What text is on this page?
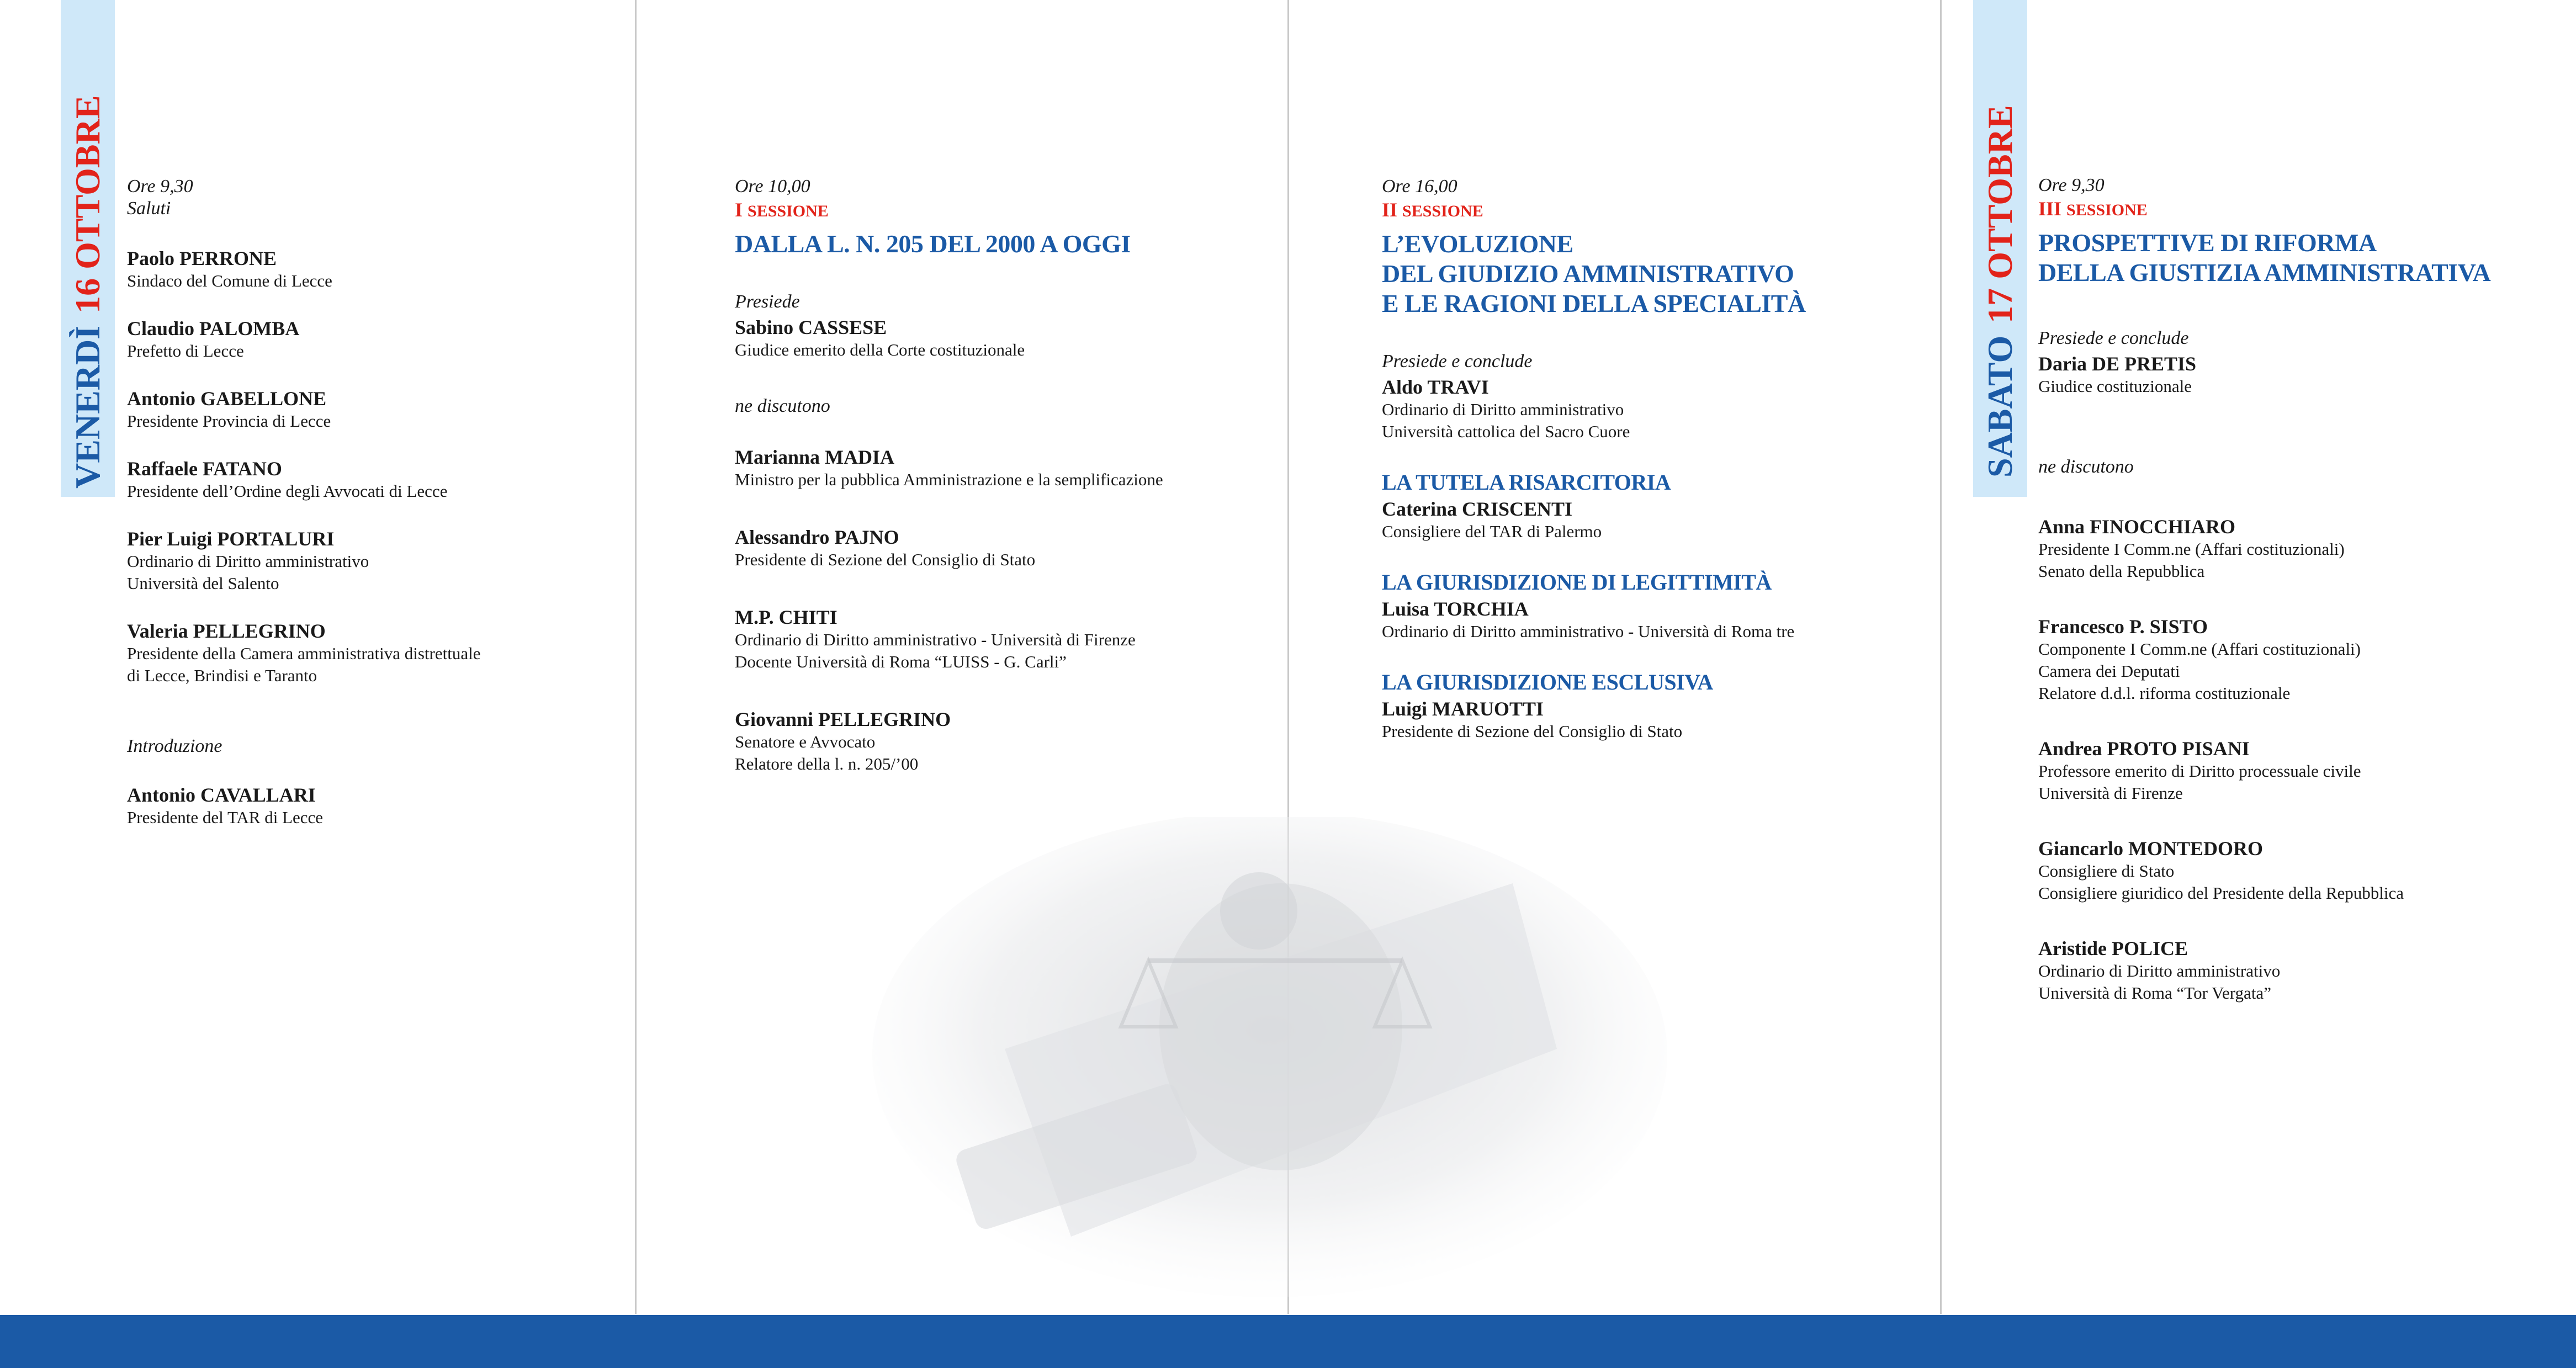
VENERDÌ16 OTTOBRE	Ore 9,30

Saluti

Paolo PERRONE

Sindaco del Comune di Lecce

Claudio PALOMBA

Prefetto di Lecce

Antonio GABELLONE

Presidente Provincia di Lecce

Raffaele FATANO

Presidente dell’Ordine degli Avvocati di Lecce

Pier Luigi PORTALURI

Ordinario di Diritto amministrativo

Università del Salento

Valeria PELLEGRINO

Presidente della Camera amministrativa distrettuale

di Lecce, Brindisi e Taranto

Introduzione

Antonio CAVALLARI

Presidente del TAR di Lecce

Ore 10,00

I SESSIONE

DALLA L. N. 205 DEL 2000 A OGGI

Presiede

Sabino CASSESE

Giudice emerito della Corte costituzionale

ne discutono

Marianna MADIA

Ministro per la pubblica Amministrazione e la semplificazione

Alessandro PAJNO

Presidente di Sezione del Consiglio di Stato

M.P. CHITI

Ordinario di Diritto amministrativo - Università di Firenze

Docente Università di Roma “LUISS - G. Carli”

Giovanni PELLEGRINO

Senatore e Avvocato

Relatore della l. n. 205/’00

Ore 16,00

II SESSIONE

L’EVOLUZIONE

DEL GIUDIZIO AMMINISTRATIVO

E LE RAGIONI DELLA SPECIALITÀ

Presiede e conclude

Aldo TRAVI

Ordinario di Diritto amministrativo

Università cattolica del Sacro Cuore

LA TUTELA RISARCITORIA

Caterina CRISCENTI

Consigliere del TAR di Palermo

LA GIURISDIZIONE DI LEGITTIMITÀ

Luisa TORCHIA

Ordinario di Diritto amministrativo - Università di Roma tre

LA GIURISDIZIONE ESCLUSIVA

Luigi MARUOTTI

Presidente di Sezione del Consiglio di Stato

SABATO17 OTTOBRE	Ore 9,30

III SESSIONE

PROSPETTIVE DI RIFORMA

DELLA GIUSTIZIA AMMINISTRATIVA

Presiede e conclude

Daria DE PRETIS

Giudice costituzionale

ne discutono

Anna FINOCCHIARO

Presidente I Comm.ne (Affari costituzionali)

Senato della Repubblica

Francesco P. SISTO

Componente I Comm.ne (Affari costituzionali)

Camera dei Deputati

Relatore d.d.l. riforma costituzionale

Andrea PROTO PISANI

Professore emerito di Diritto processuale civile

Università di Firenze

Giancarlo MONTEDORO

Consigliere di Stato

Consigliere giuridico del Presidente della Repubblica

Aristide POLICE

Ordinario di Diritto amministrativo

Università di Roma “Tor Vergata”
